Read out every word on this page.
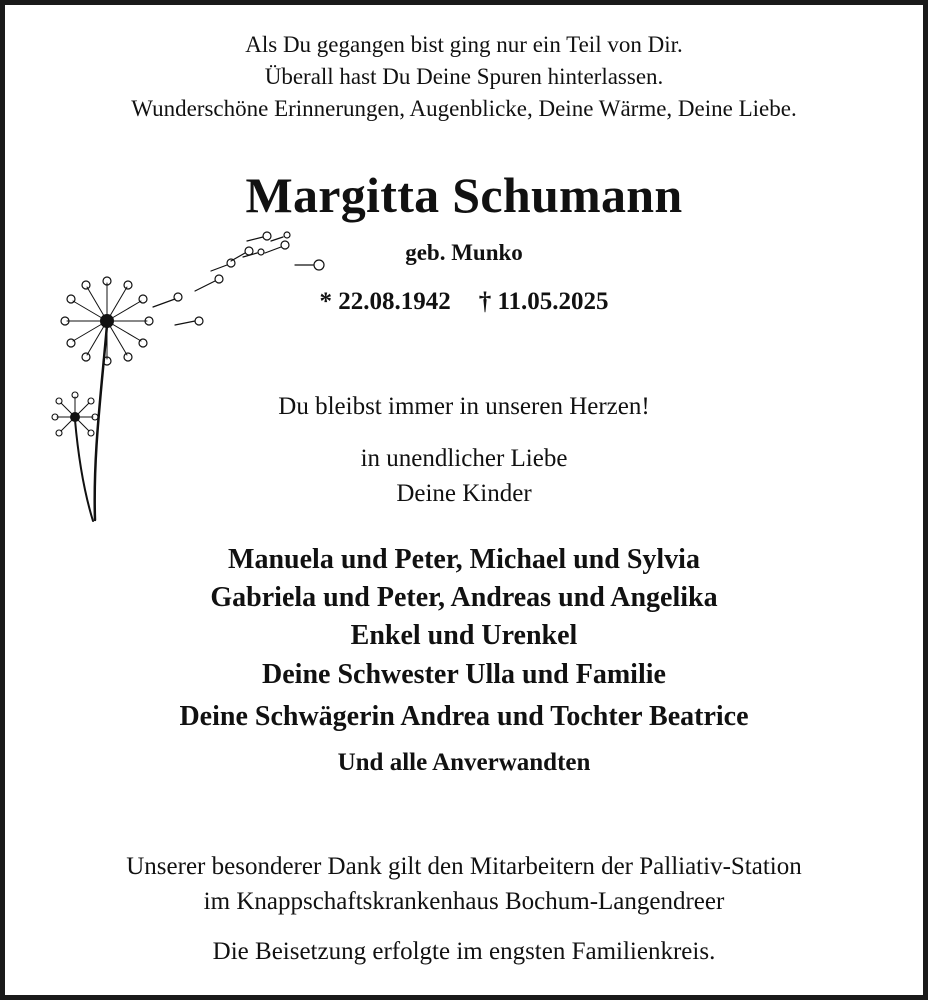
Als Du gegangen bist ging nur ein Teil von Dir.
Überall hast Du Deine Spuren hinterlassen.
Wunderschöne Erinnerungen, Augenblicke, Deine Wärme, Deine Liebe.
Margitta Schumann
geb. Munko
* 22.08.1942 † 11.05.2025
Du bleibst immer in unseren Herzen!
in unendlicher Liebe
Deine Kinder
Manuela und Peter, Michael und Sylvia
Gabriela und Peter, Andreas und Angelika
Enkel und Urenkel
Deine Schwester Ulla und Familie
Deine Schwägerin Andrea und Tochter Beatrice
Und alle Anverwandten
Unserer besonderer Dank gilt den Mitarbeitern der Palliativ-Station
im Knappschaftskrankenhaus Bochum-Langendreer
Die Beisetzung erfolgte im engsten Familienkreis.
